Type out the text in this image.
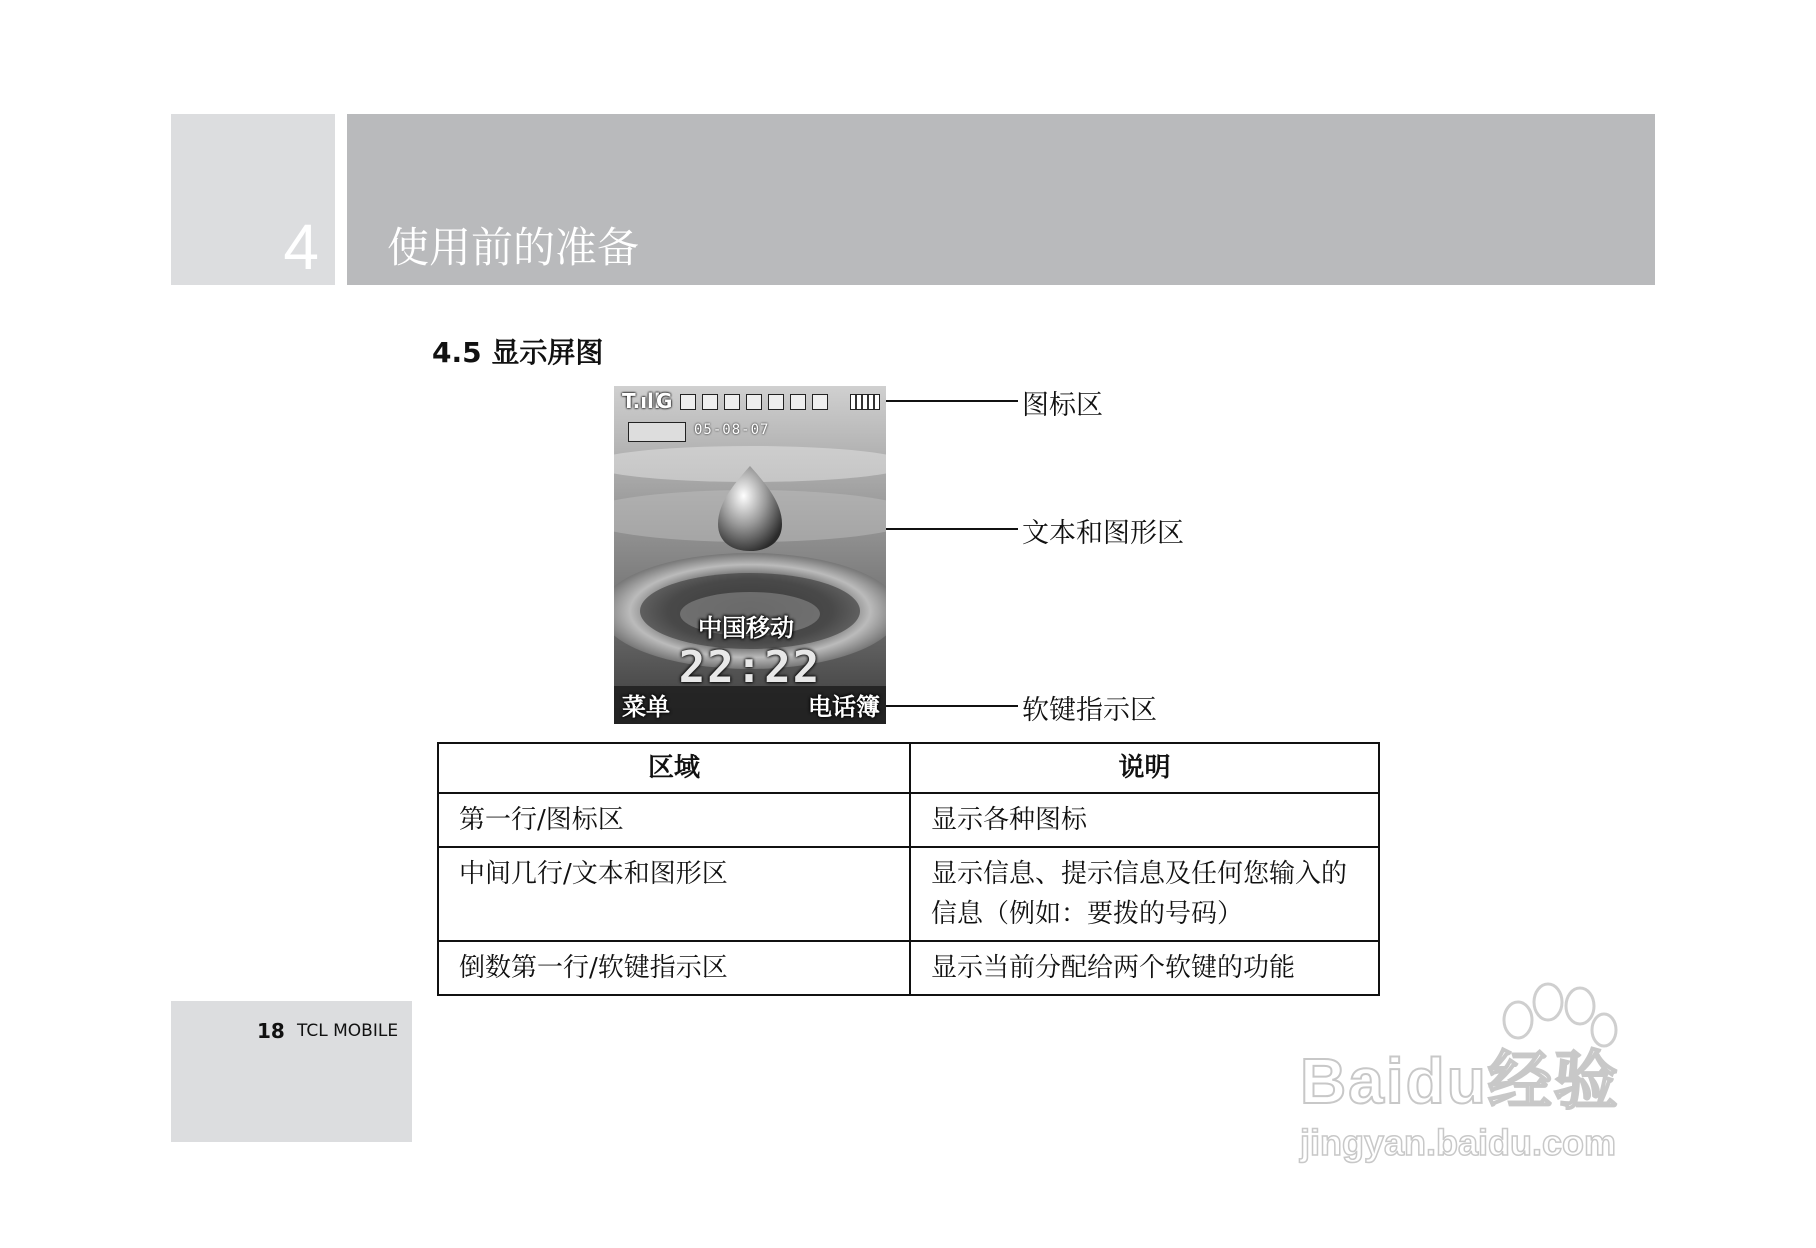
4 使用前的准备
4.5 显示屏图
T.ıll
G
05-08-07
中国移动
22:22
菜单	电话簿
图标区
文本和图形区
软键指示区
区域	说明
第一行/图标区	显示各种图标
中间几行/文本和图形区	显示信息、提示信息及任何您输入的信息（例如：要拨的号码）
倒数第一行/软键指示区	显示当前分配给两个软键的功能
18 TCL MOBILE
Baidu经验
jingyan.baidu.com
